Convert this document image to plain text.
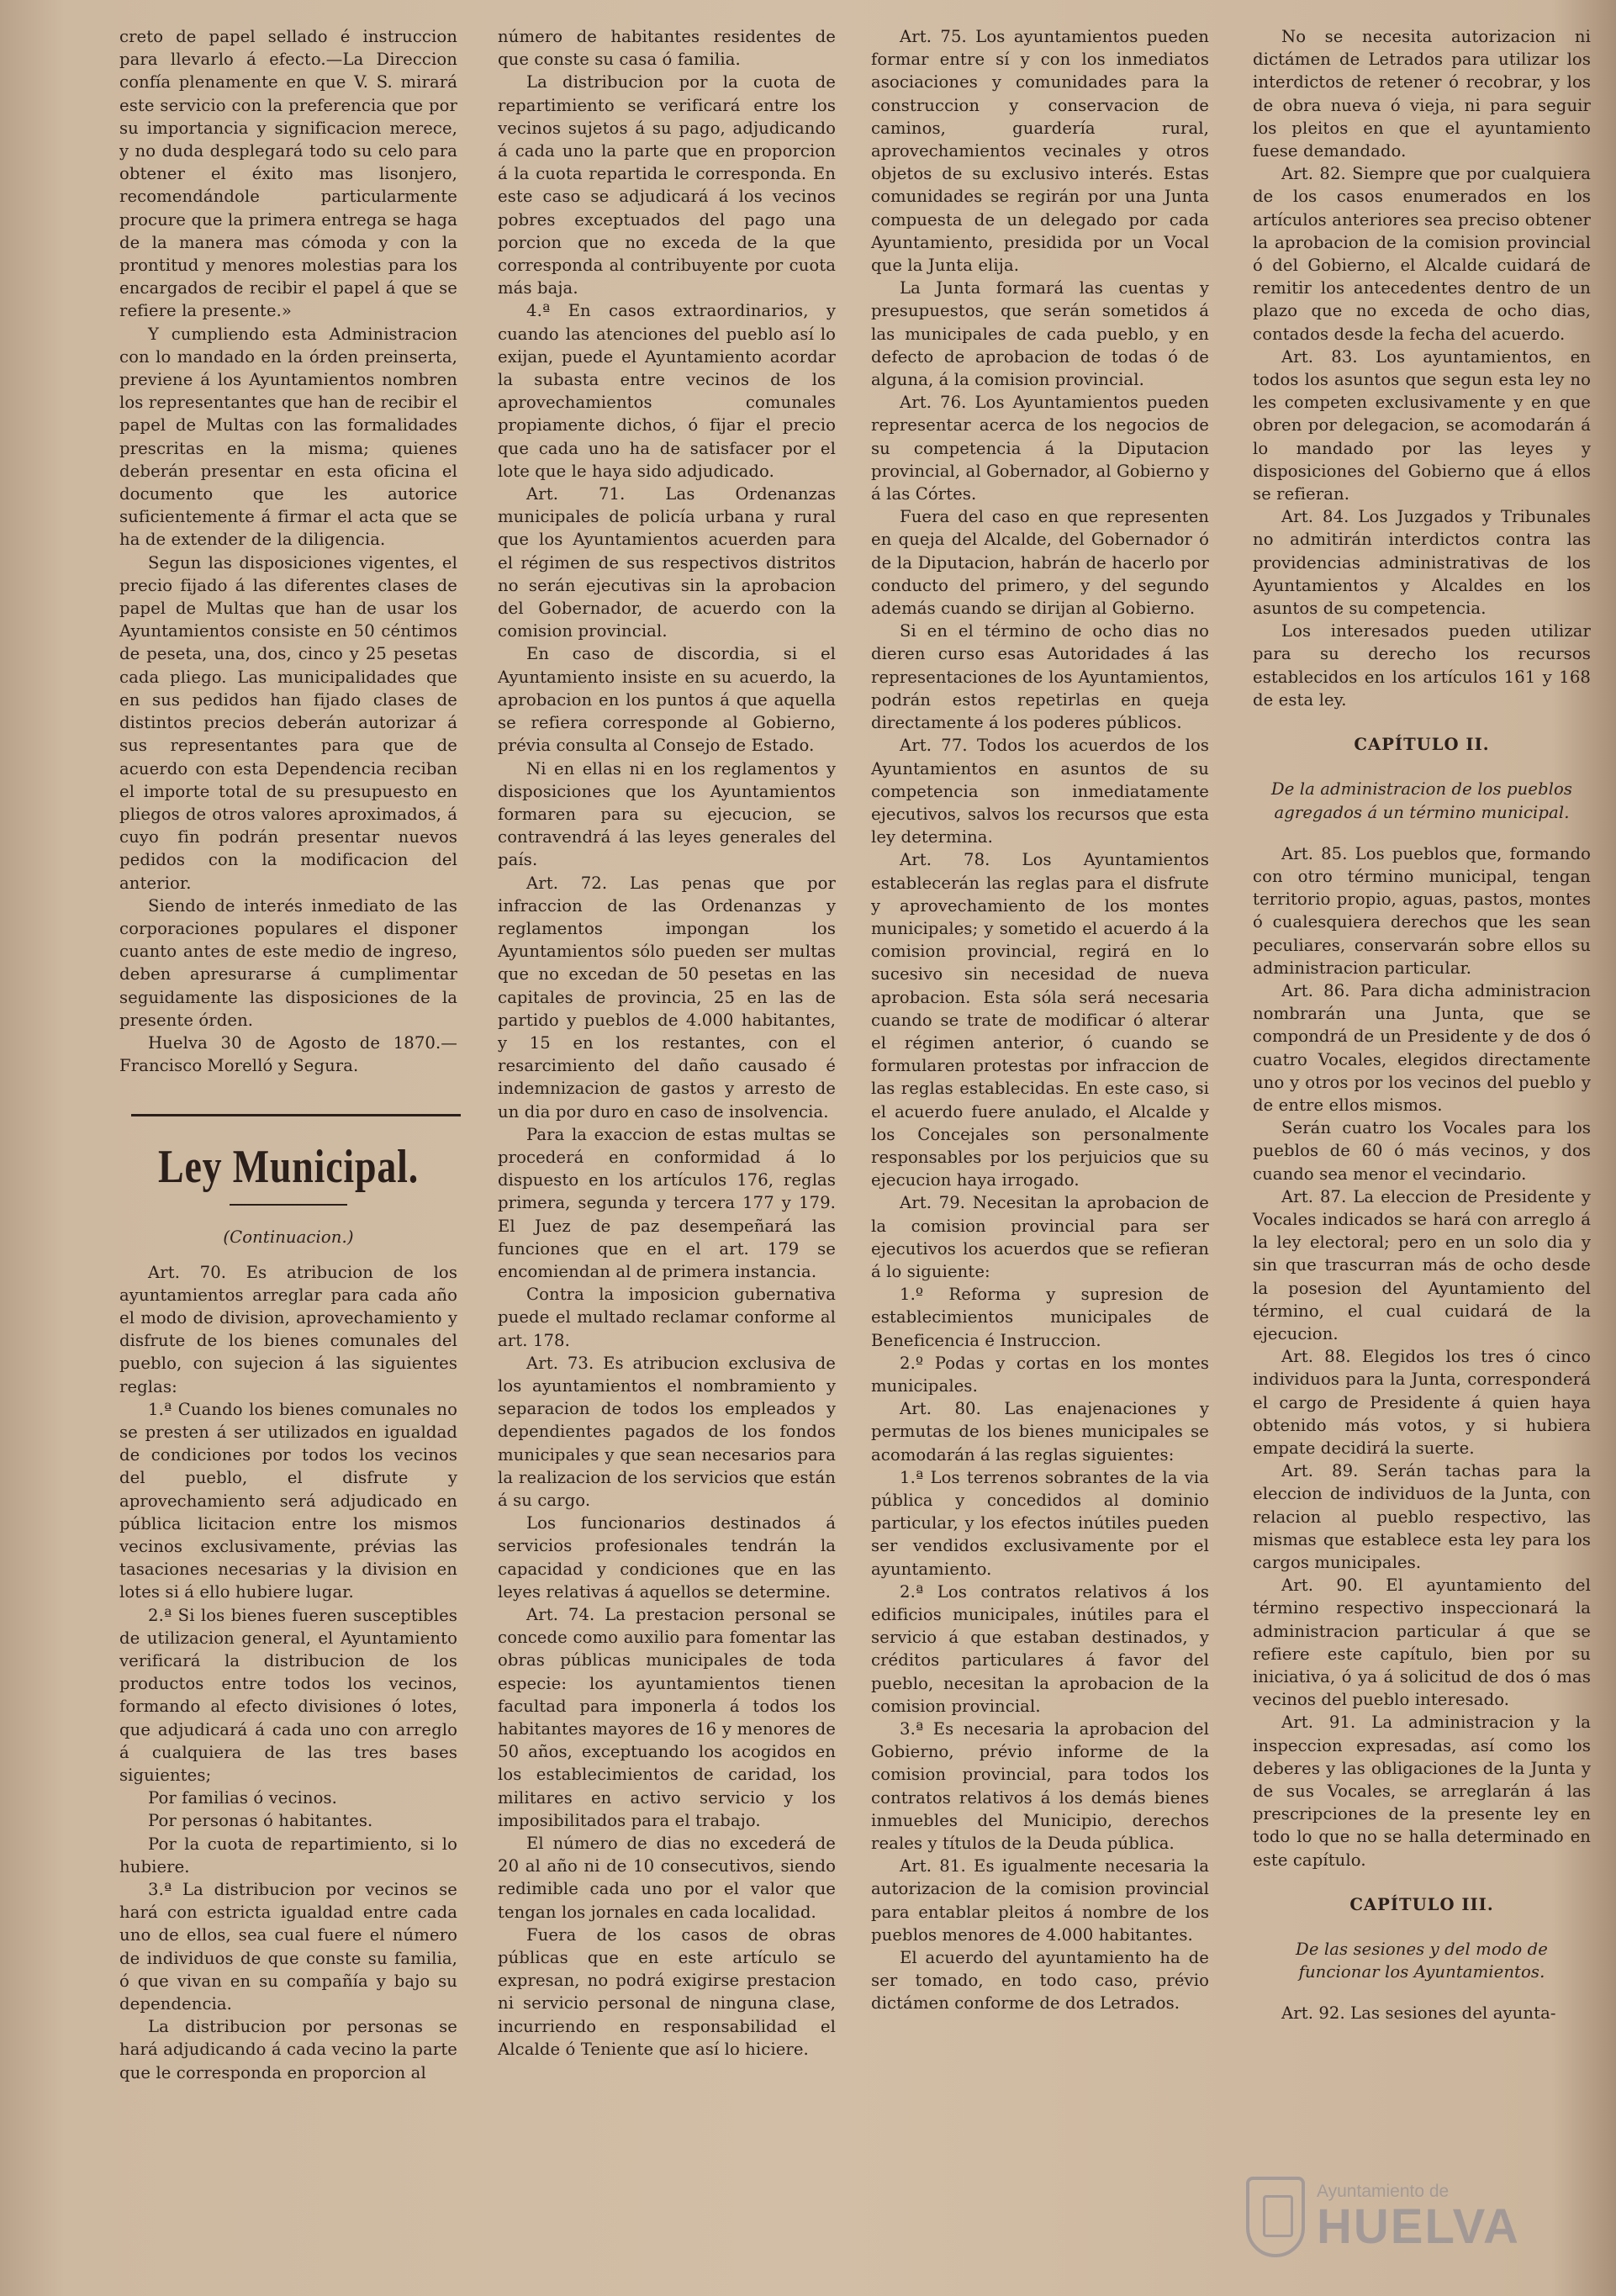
creto de papel sellado é instruccion para llevarlo á efecto.—La Direccion confía plenamente en que V. S. mirará este servicio con la preferencia que por su importancia y significacion merece, y no duda desplegará todo su celo para obtener el éxito mas lisonjero, recomendándole particularmente procure que la primera entrega se haga de la manera mas cómoda y con la prontitud y menores molestias para los encargados de recibir el papel á que se refiere la presente.»

Y cumpliendo esta Administracion con lo mandado en la órden preinserta, previene á los Ayuntamientos nombren los representantes que han de recibir el papel de Multas con las formalidades prescritas en la misma; quienes deberán presentar en esta oficina el documento que les autorice suficientemente á firmar el acta que se ha de extender de la diligencia.

Segun las disposiciones vigentes, el precio fijado á las diferentes clases de papel de Multas que han de usar los Ayuntamientos consiste en 50 céntimos de peseta, una, dos, cinco y 25 pesetas cada pliego. Las municipalidades que en sus pedidos han fijado clases de distintos precios deberán autorizar á sus representantes para que de acuerdo con esta Dependencia reciban el importe total de su presupuesto en pliegos de otros valores aproximados, á cuyo fin podrán presentar nuevos pedidos con la modificacion del anterior.

Siendo de interés inmediato de las corporaciones populares el disponer cuanto antes de este medio de ingreso, deben apresurarse á cumplimentar seguidamente las disposiciones de la presente órden.

Huelva 30 de Agosto de 1870.— Francisco Morelló y Segura.

Ley Municipal.

(Continuacion.)

Art. 70. Es atribucion de los ayuntamientos arreglar para cada año el modo de division, aprovechamiento y disfrute de los bienes comunales del pueblo, con sujecion á las siguientes reglas:

1.ª Cuando los bienes comunales no se presten á ser utilizados en igualdad de condiciones por todos los vecinos del pueblo, el disfrute y aprovechamiento será adjudicado en pública licitacion entre los mismos vecinos exclusivamente, prévias las tasaciones necesarias y la division en lotes si á ello hubiere lugar.

2.ª Si los bienes fueren susceptibles de utilizacion general, el Ayuntamiento verificará la distribucion de los productos entre todos los vecinos, formando al efecto divisiones ó lotes, que adjudicará á cada uno con arreglo á cualquiera de las tres bases siguientes;

Por familias ó vecinos.

Por personas ó habitantes.

Por la cuota de repartimiento, si lo hubiere.

3.ª La distribucion por vecinos se hará con estricta igualdad entre cada uno de ellos, sea cual fuere el número de individuos de que conste su familia, ó que vivan en su compañía y bajo su dependencia.

La distribucion por personas se hará adjudicando á cada vecino la parte que le corresponda en proporcion al

número de habitantes residentes de que conste su casa ó familia.

La distribucion por la cuota de repartimiento se verificará entre los vecinos sujetos á su pago, adjudicando á cada uno la parte que en proporcion á la cuota repartida le corresponda. En este caso se adjudicará á los vecinos pobres exceptuados del pago una porcion que no exceda de la que corresponda al contribuyente por cuota más baja.

4.ª En casos extraordinarios, y cuando las atenciones del pueblo así lo exijan, puede el Ayuntamiento acordar la subasta entre vecinos de los aprovechamientos comunales propiamente dichos, ó fijar el precio que cada uno ha de satisfacer por el lote que le haya sido adjudicado.

Art. 71. Las Ordenanzas municipales de policía urbana y rural que los Ayuntamientos acuerden para el régimen de sus respectivos distritos no serán ejecutivas sin la aprobacion del Gobernador, de acuerdo con la comision provincial.

En caso de discordia, si el Ayuntamiento insiste en su acuerdo, la aprobacion en los puntos á que aquella se refiera corresponde al Gobierno, prévia consulta al Consejo de Estado.

Ni en ellas ni en los reglamentos y disposiciones que los Ayuntamientos formaren para su ejecucion, se contravendrá á las leyes generales del país.

Art. 72. Las penas que por infraccion de las Ordenanzas y reglamentos impongan los Ayuntamientos sólo pueden ser multas que no excedan de 50 pesetas en las capitales de provincia, 25 en las de partido y pueblos de 4.000 habitantes, y 15 en los restantes, con el resarcimiento del daño causado é indemnizacion de gastos y arresto de un dia por duro en caso de insolvencia.

Para la exaccion de estas multas se procederá en conformidad á lo dispuesto en los artículos 176, reglas primera, segunda y tercera 177 y 179. El Juez de paz desempeñará las funciones que en el art. 179 se encomiendan al de primera instancia.

Contra la imposicion gubernativa puede el multado reclamar conforme al art. 178.

Art. 73. Es atribucion exclusiva de los ayuntamientos el nombramiento y separacion de todos los empleados y dependientes pagados de los fondos municipales y que sean necesarios para la realizacion de los servicios que están á su cargo.

Los funcionarios destinados á servicios profesionales tendrán la capacidad y condiciones que en las leyes relativas á aquellos se determine.

Art. 74. La prestacion personal se concede como auxilio para fomentar las obras públicas municipales de toda especie: los ayuntamientos tienen facultad para imponerla á todos los habitantes mayores de 16 y menores de 50 años, exceptuando los acogidos en los establecimientos de caridad, los militares en activo servicio y los imposibilitados para el trabajo.

El número de dias no excederá de 20 al año ni de 10 consecutivos, siendo redimible cada uno por el valor que tengan los jornales en cada localidad.

Fuera de los casos de obras públicas que en este artículo se expresan, no podrá exigirse prestacion ni servicio personal de ninguna clase, incurriendo en responsabilidad el Alcalde ó Teniente que así lo hiciere.

Art. 75. Los ayuntamientos pueden formar entre sí y con los inmediatos asociaciones y comunidades para la construccion y conservacion de caminos, guardería rural, aprovechamientos vecinales y otros objetos de su exclusivo interés. Estas comunidades se regirán por una Junta compuesta de un delegado por cada Ayuntamiento, presidida por un Vocal que la Junta elija.

La Junta formará las cuentas y presupuestos, que serán sometidos á las municipales de cada pueblo, y en defecto de aprobacion de todas ó de alguna, á la comision provincial.

Art. 76. Los Ayuntamientos pueden representar acerca de los negocios de su competencia á la Diputacion provincial, al Gobernador, al Gobierno y á las Córtes.

Fuera del caso en que representen en queja del Alcalde, del Gobernador ó de la Diputacion, habrán de hacerlo por conducto del primero, y del segundo además cuando se dirijan al Gobierno.

Si en el término de ocho dias no dieren curso esas Autoridades á las representaciones de los Ayuntamientos, podrán estos repetirlas en queja directamente á los poderes públicos.

Art. 77. Todos los acuerdos de los Ayuntamientos en asuntos de su competencia son inmediatamente ejecutivos, salvos los recursos que esta ley determina.

Art. 78. Los Ayuntamientos establecerán las reglas para el disfrute y aprovechamiento de los montes municipales; y sometido el acuerdo á la comision provincial, regirá en lo sucesivo sin necesidad de nueva aprobacion. Esta sóla será necesaria cuando se trate de modificar ó alterar el régimen anterior, ó cuando se formularen protestas por infraccion de las reglas establecidas. En este caso, si el acuerdo fuere anulado, el Alcalde y los Concejales son personalmente responsables por los perjuicios que su ejecucion haya irrogado.

Art. 79. Necesitan la aprobacion de la comision provincial para ser ejecutivos los acuerdos que se refieran á lo siguiente:

1.º Reforma y supresion de establecimientos municipales de Beneficencia é Instruccion.

2.º Podas y cortas en los montes municipales.

Art. 80. Las enajenaciones y permutas de los bienes municipales se acomodarán á las reglas siguientes:

1.ª Los terrenos sobrantes de la via pública y concedidos al dominio particular, y los efectos inútiles pueden ser vendidos exclusivamente por el ayuntamiento.

2.ª Los contratos relativos á los edificios municipales, inútiles para el servicio á que estaban destinados, y créditos particulares á favor del pueblo, necesitan la aprobacion de la comision provincial.

3.ª Es necesaria la aprobacion del Gobierno, prévio informe de la comision provincial, para todos los contratos relativos á los demás bienes inmuebles del Municipio, derechos reales y títulos de la Deuda pública.

Art. 81. Es igualmente necesaria la autorizacion de la comision provincial para entablar pleitos á nombre de los pueblos menores de 4.000 habitantes.

El acuerdo del ayuntamiento ha de ser tomado, en todo caso, prévio dictámen conforme de dos Letrados.

No se necesita autorizacion ni dictámen de Letrados para utilizar los interdictos de retener ó recobrar, y los de obra nueva ó vieja, ni para seguir los pleitos en que el ayuntamiento fuese demandado.

Art. 82. Siempre que por cualquiera de los casos enumerados en los artículos anteriores sea preciso obtener la aprobacion de la comision provincial ó del Gobierno, el Alcalde cuidará de remitir los antecedentes dentro de un plazo que no exceda de ocho dias, contados desde la fecha del acuerdo.

Art. 83. Los ayuntamientos, en todos los asuntos que segun esta ley no les competen exclusivamente y en que obren por delegacion, se acomodarán á lo mandado por las leyes y disposiciones del Gobierno que á ellos se refieran.

Art. 84. Los Juzgados y Tribunales no admitirán interdictos contra las providencias administrativas de los Ayuntamientos y Alcaldes en los asuntos de su competencia.

Los interesados pueden utilizar para su derecho los recursos establecidos en los artículos 161 y 168 de esta ley.

CAPÍTULO II.

De la administracion de los pueblos agregados á un término municipal.

Art. 85. Los pueblos que, formando con otro término municipal, tengan territorio propio, aguas, pastos, montes ó cualesquiera derechos que les sean peculiares, conservarán sobre ellos su administracion particular.

Art. 86. Para dicha administracion nombrarán una Junta, que se compondrá de un Presidente y de dos ó cuatro Vocales, elegidos directamente uno y otros por los vecinos del pueblo y de entre ellos mismos.

Serán cuatro los Vocales para los pueblos de 60 ó más vecinos, y dos cuando sea menor el vecindario.

Art. 87. La eleccion de Presidente y Vocales indicados se hará con arreglo á la ley electoral; pero en un solo dia y sin que trascurran más de ocho desde la posesion del Ayuntamiento del término, el cual cuidará de la ejecucion.

Art. 88. Elegidos los tres ó cinco individuos para la Junta, corresponderá el cargo de Presidente á quien haya obtenido más votos, y si hubiera empate decidirá la suerte.

Art. 89. Serán tachas para la eleccion de individuos de la Junta, con relacion al pueblo respectivo, las mismas que establece esta ley para los cargos municipales.

Art. 90. El ayuntamiento del término respectivo inspeccionará la administracion particular á que se refiere este capítulo, bien por su iniciativa, ó ya á solicitud de dos ó mas vecinos del pueblo interesado.

Art. 91. La administracion y la inspeccion expresadas, así como los deberes y las obligaciones de la Junta y de sus Vocales, se arreglarán á las prescripciones de la presente ley en todo lo que no se halla determinado en este capítulo.

CAPÍTULO III.

De las sesiones y del modo de funcionar los Ayuntamientos.

Art. 92. Las sesiones del ayunta-

Ayuntamiento de
HUELVA
